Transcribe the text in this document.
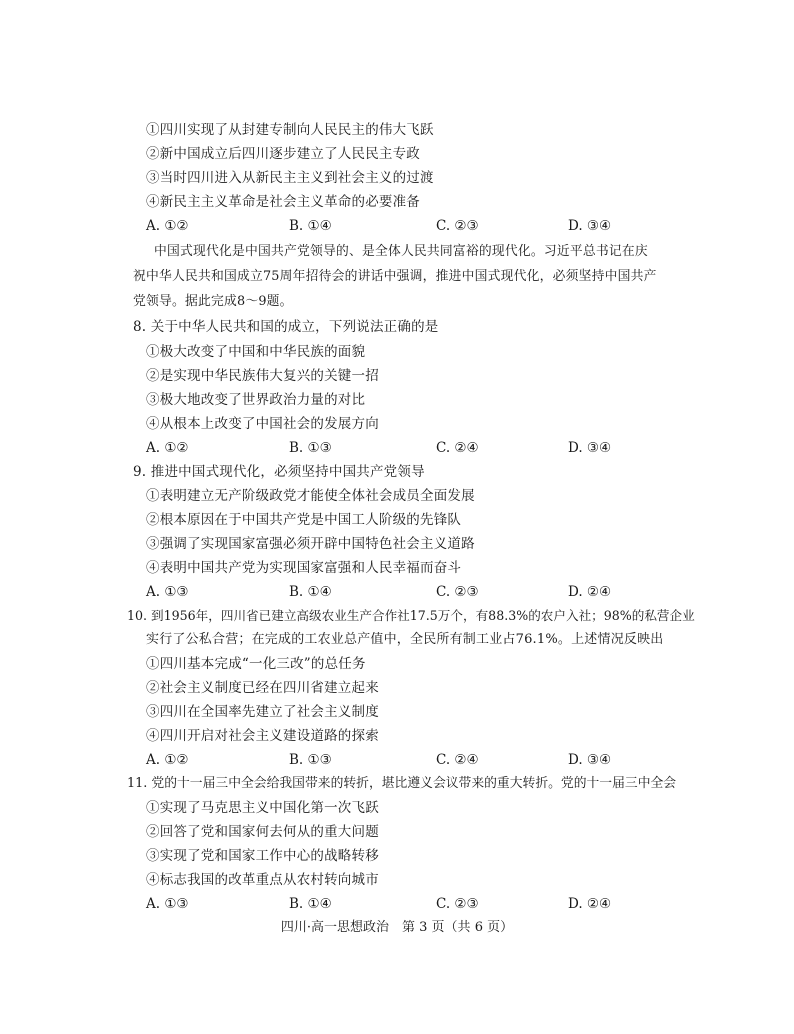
①四川实现了从封建专制向人民民主的伟大飞跃
②新中国成立后四川逐步建立了人民民主专政
③当时四川进入从新民主主义到社会主义的过渡
④新民主主义革命是社会主义革命的必要准备
A. ①②	B. ①④	C. ②③	D. ③④
中国式现代化是中国共产党领导的、是全体人民共同富裕的现代化。习近平总书记在庆
祝中华人民共和国成立75周年招待会的讲话中强调，推进中国式现代化，必须坚持中国共产
党领导。据此完成8～9题。
8. 关于中华人民共和国的成立，下列说法正确的是
①极大改变了中国和中华民族的面貌
②是实现中华民族伟大复兴的关键一招
③极大地改变了世界政治力量的对比
④从根本上改变了中国社会的发展方向
A. ①②	B. ①③	C. ②④	D. ③④
9. 推进中国式现代化，必须坚持中国共产党领导
①表明建立无产阶级政党才能使全体社会成员全面发展
②根本原因在于中国共产党是中国工人阶级的先锋队
③强调了实现国家富强必须开辟中国特色社会主义道路
④表明中国共产党为实现国家富强和人民幸福而奋斗
A. ①③	B. ①④	C. ②③	D. ②④
10. 到1956年，四川省已建立高级农业生产合作社17.5万个，有88.3%的农户入社；98%的私营企业
实行了公私合营；在完成的工农业总产值中，全民所有制工业占76.1%。上述情况反映出
①四川基本完成“一化三改”的总任务
②社会主义制度已经在四川省建立起来
③四川在全国率先建立了社会主义制度
④四川开启对社会主义建设道路的探索
A. ①②	B. ①③	C. ②④	D. ③④
11. 党的十一届三中全会给我国带来的转折，堪比遵义会议带来的重大转折。党的十一届三中全会
①实现了马克思主义中国化第一次飞跃
②回答了党和国家何去何从的重大问题
③实现了党和国家工作中心的战略转移
④标志我国的改革重点从农村转向城市
A. ①③	B. ①④	C. ②③	D. ②④
四川·高一思想政治　第 3 页（共 6 页）
